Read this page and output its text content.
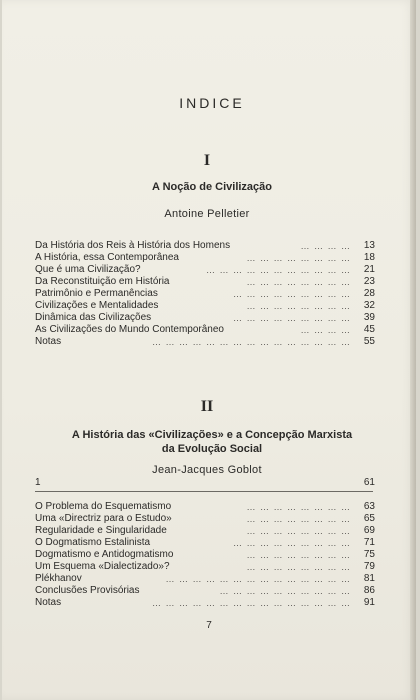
INDICE
I
A Noção de Civilização
Antoine Pelletier
Da História dos Reis à História dos Homens	… … … … 13
A História, essa Contemporânea	… … … … … … … … 18
Que é uma Civilização?	… … … … … … … … … … … 21
Da Reconstituição em História	… … … … … … … … 23
Patrimônio e Permanências	… … … … … … … … … 28
Civilizações e Mentalidades	… … … … … … … … 32
Dinâmica das Civilizações	… … … … … … … … … 39
As Civilizações do Mundo Contemporâneo	… … … … 45
Notas	… … … … … … … … … … … … … … … 55
II
A História das «Civilizações» e a Concepção Marxista
da Evolução Social
Jean-Jacques Goblot
1	61
O Problema do Esquematismo	… … … … … … … … 63
Uma «Directriz para o Estudo»	… … … … … … … … 65
Regularidade e Singularidade	… … … … … … … … 69
O Dogmatismo Estalinista	… … … … … … … … … 71
Dogmatismo e Antidogmatismo	… … … … … … … … 75
Um Esquema «Dialectizado»?	… … … … … … … … 79
Plékhanov	… … … … … … … … … … … … … … 81
Conclusões Provisórias	… … … … … … … … … … 86
Notas	… … … … … … … … … … … … … … … 91
7
